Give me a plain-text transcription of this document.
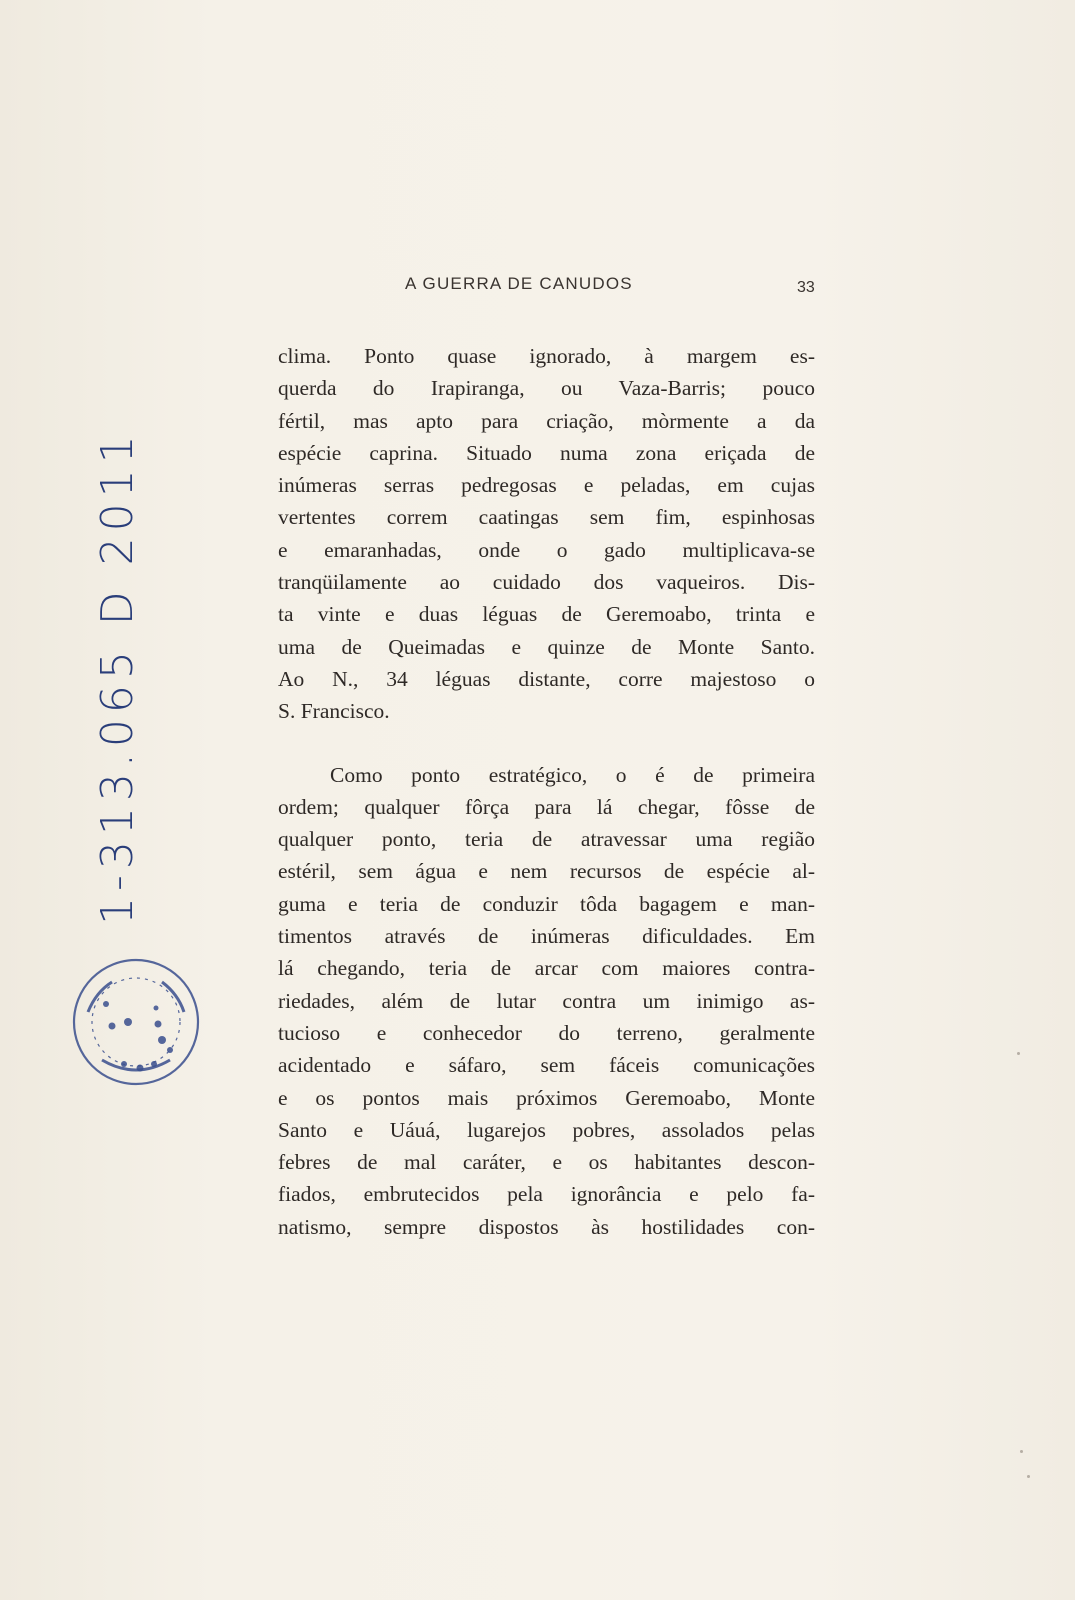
A GUERRA DE CANUDOS	33
clima. Ponto quase ignorado, à margem es-
querda do Irapiranga, ou Vaza-Barris; pouco
fértil, mas apto para criação, mòrmente a da
espécie caprina. Situado numa zona eriçada de
inúmeras serras pedregosas e peladas, em cujas
vertentes correm caatingas sem fim, espinhosas
e emaranhadas, onde o gado multiplicava-se
tranqüilamente ao cuidado dos vaqueiros. Dis-
ta vinte e duas léguas de Geremoabo, trinta e
uma de Queimadas e quinze de Monte Santo.
Ao N., 34 léguas distante, corre majestoso o
S. Francisco.
Como ponto estratégico, o é de primeira
ordem; qualquer fôrça para lá chegar, fôsse de
qualquer ponto, teria de atravessar uma região
estéril, sem água e nem recursos de espécie al-
guma e teria de conduzir tôda bagagem e man-
timentos através de inúmeras dificuldades. Em
lá chegando, teria de arcar com maiores contra-
riedades, além de lutar contra um inimigo as-
tucioso e conhecedor do terreno, geralmente
acidentado e sáfaro, sem fáceis comunicações
e os pontos mais próximos Geremoabo, Monte
Santo e Uáuá, lugarejos pobres, assolados pelas
febres de mal caráter, e os habitantes descon-
fiados, embrutecidos pela ignorância e pelo fa-
natismo, sempre dispostos às hostilidades con-
1-313.065 D 2011
